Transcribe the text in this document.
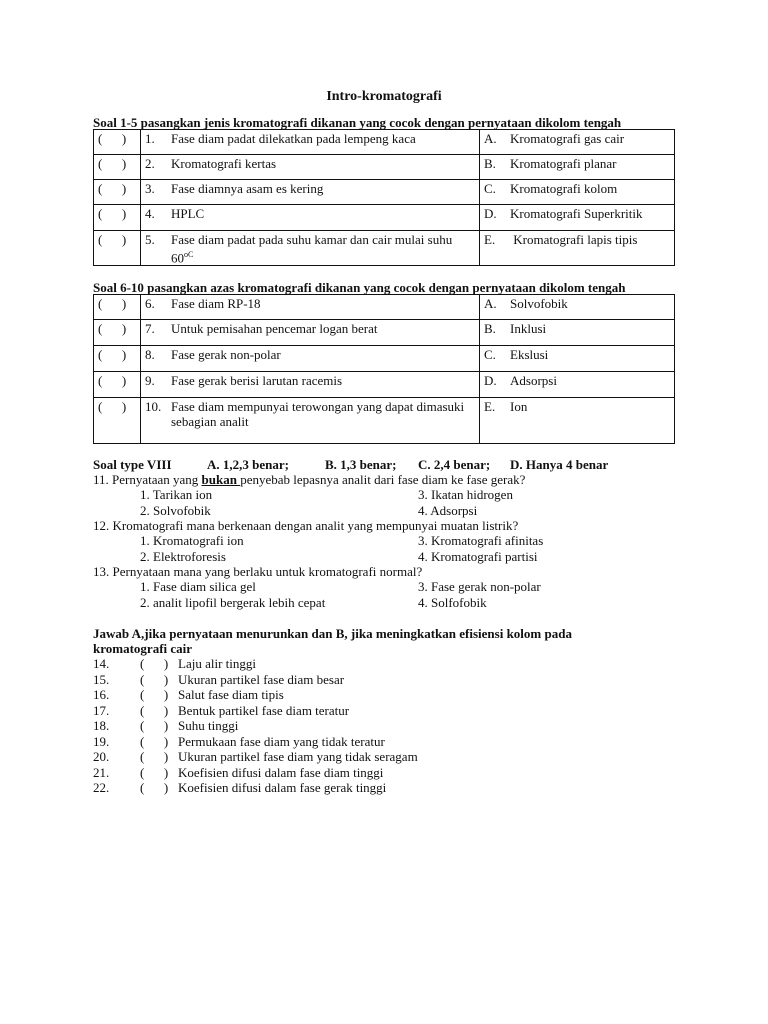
Intro-kromatografi
Soal 1-5 pasangkan jenis kromatografi dikanan yang cocok dengan pernyataan dikolom tengah
(      )	1. Fase diam padat dilekatkan pada lempeng kaca	A. Kromatografi gas cair
(      )	2. Kromatografi kertas	B. Kromatografi planar
(      )	3. Fase diamnya asam es kering	C. Kromatografi kolom
(      )	4. HPLC	D. Kromatografi Superkritik
(      )	5. Fase diam padat pada suhu kamar dan cair mulai suhu $60^{oC}$	E. Kromatografi lapis tipis
Soal 6-10 pasangkan azas kromatografi dikanan yang cocok dengan pernyataan dikolom tengah
(      )	6. Fase diam RP-18	A. Solvofobik
(      )	7. Untuk pemisahan pencemar logan berat	B. Inklusi
(      )	8. Fase gerak non-polar	C. Ekslusi
(      )	9. Fase gerak berisi larutan racemis	D. Adsorpsi
(      )	10. Fase diam mempunyai terowongan yang dapat dimasuki sebagian analit	E. Ion
Soal type VIII	A. 1,2,3 benar;	B. 1,3 benar; C. 2,4 benar; D. Hanya 4 benar
11. Pernyataan yang bukan penyebab lepasnya analit dari fase diam ke fase gerak?
1. Tarikan ion	3. Ikatan hidrogen
2. Solvofobik	4. Adsorpsi
12. Kromatografi mana berkenaan dengan analit yang mempunyai muatan listrik?
1. Kromatografi ion	3. Kromatografi afinitas
2. Elektroforesis	4. Kromatografi partisi
13. Pernyataan mana yang berlaku untuk kromatografi normal?
1. Fase diam silica gel	3. Fase gerak non-polar
2. analit lipofil bergerak lebih cepat	4. Solfofobik
Jawab A,jika pernyataan menurunkan dan B, jika meningkatkan efisiensi kolom pada
kromatografi cair
14.	(      ) Laju alir tinggi
15.	(      ) Ukuran partikel fase diam besar
16.	(      ) Salut fase diam tipis
17.	(      ) Bentuk partikel fase diam teratur
18.	(      ) Suhu tinggi
19.	(      ) Permukaan fase diam yang tidak teratur
20.	(      ) Ukuran partikel fase diam yang tidak seragam
21.	(      ) Koefisien difusi dalam fase diam tinggi
22.	(      ) Koefisien difusi dalam fase gerak tinggi
